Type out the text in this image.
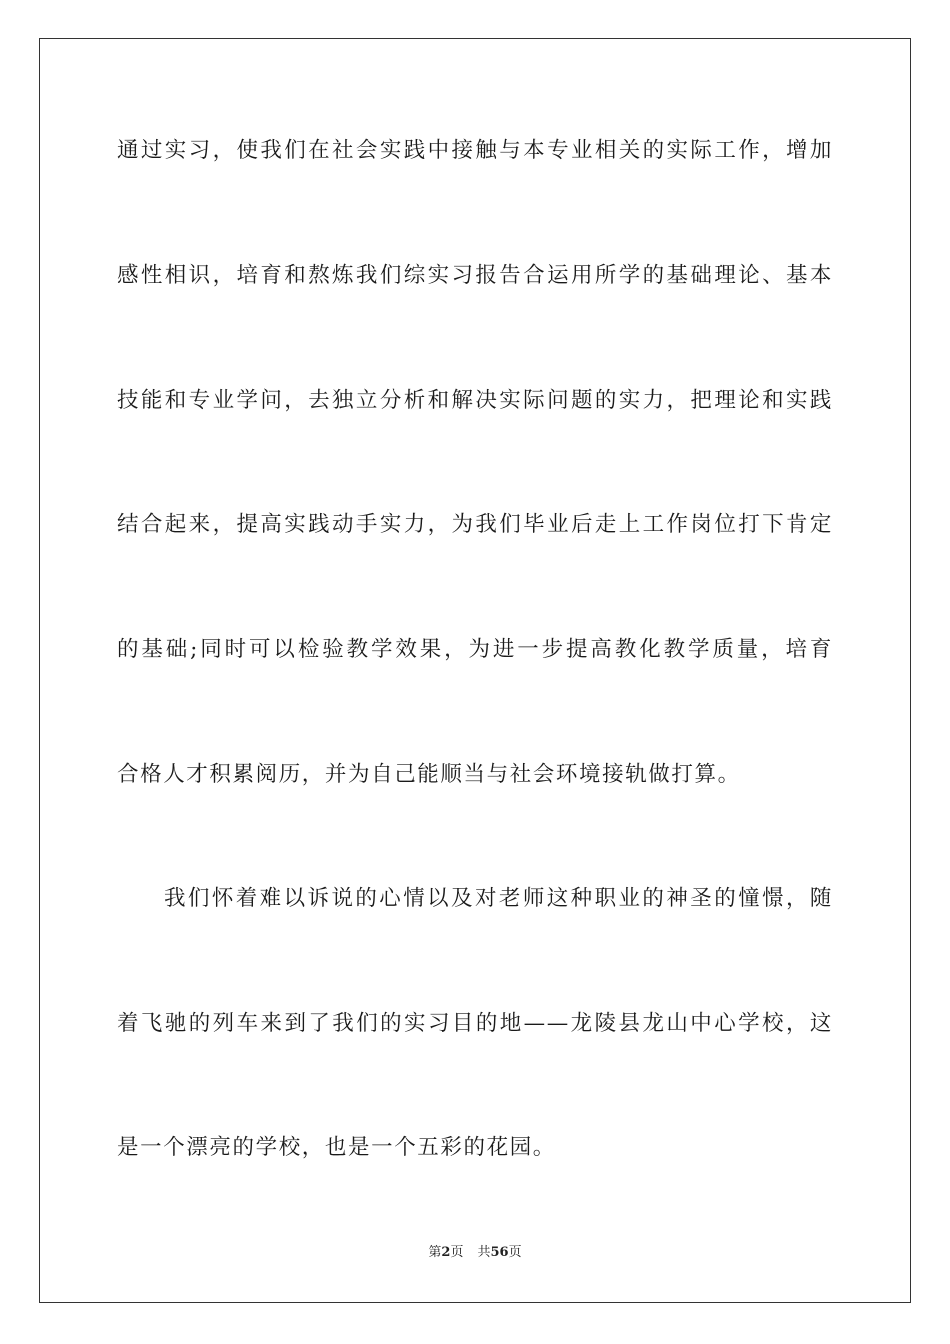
通过实习，使我们在社会实践中接触与本专业相关的实际工作，增加
感性相识，培育和熬炼我们综实习报告合运用所学的基础理论、基本
技能和专业学问，去独立分析和解决实际问题的实力，把理论和实践
结合起来，提高实践动手实力，为我们毕业后走上工作岗位打下肯定
的基础;同时可以检验教学效果，为进一步提高教化教学质量，培育
合格人才积累阅历，并为自己能顺当与社会环境接轨做打算。
我们怀着难以诉说的心情以及对老师这种职业的神圣的憧憬，随
着飞驰的列车来到了我们的实习目的地——龙陵县龙山中心学校，这
是一个漂亮的学校，也是一个五彩的花园。
第2页 共56页
